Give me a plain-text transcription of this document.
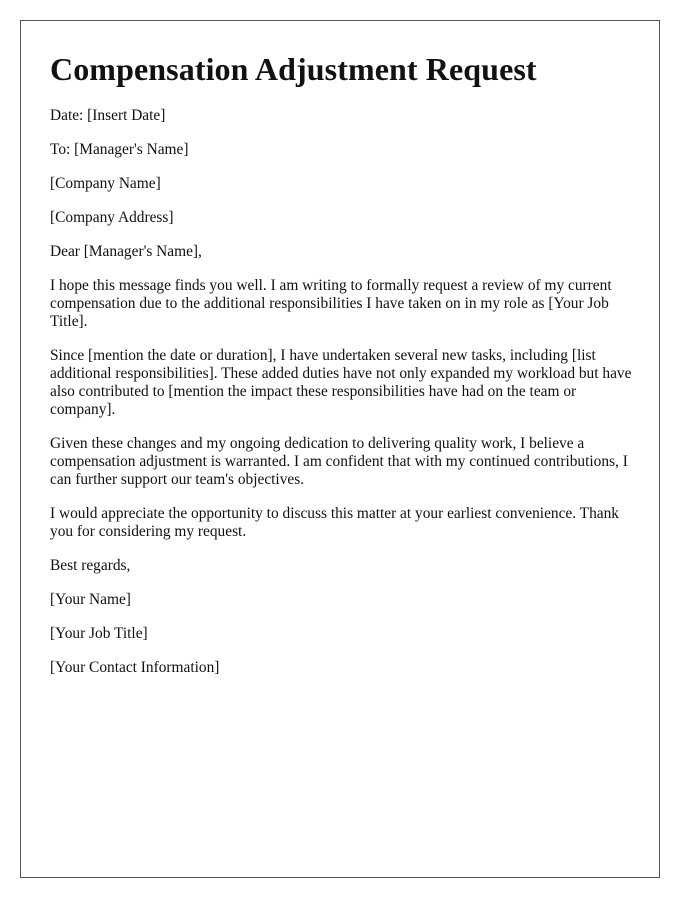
Compensation Adjustment Request

Date: [Insert Date]

To: [Manager's Name]

[Company Name]

[Company Address]

Dear [Manager's Name],

I hope this message finds you well. I am writing to formally request a review of my current compensation due to the additional responsibilities I have taken on in my role as [Your Job Title].

Since [mention the date or duration], I have undertaken several new tasks, including [list additional responsibilities]. These added duties have not only expanded my workload but have also contributed to [mention the impact these responsibilities have had on the team or company].

Given these changes and my ongoing dedication to delivering quality work, I believe a compensation adjustment is warranted. I am confident that with my continued contributions, I can further support our team's objectives.

I would appreciate the opportunity to discuss this matter at your earliest convenience. Thank you for considering my request.

Best regards,

[Your Name]

[Your Job Title]

[Your Contact Information]
